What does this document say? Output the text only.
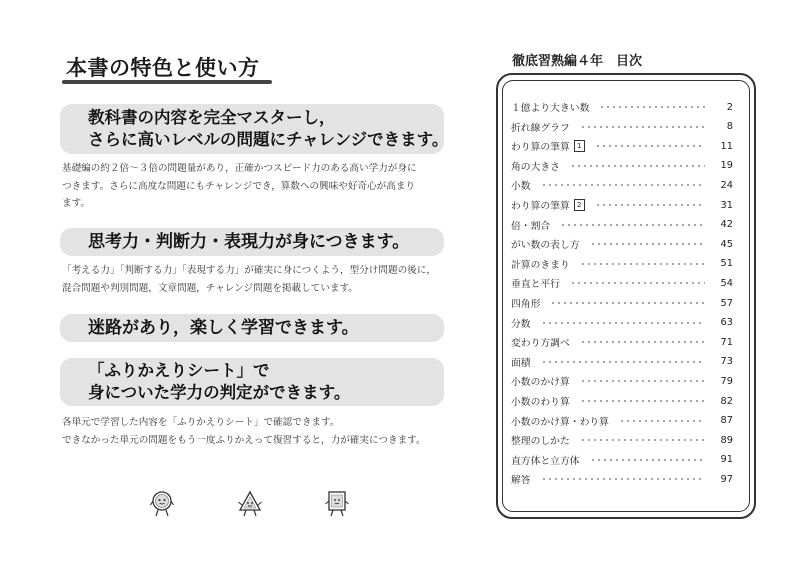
本書の特色と使い方
教科書の内容を完全マスターし，
さらに高いレベルの問題にチャレンジできます。
基礎編の約２倍～３倍の問題量があり，正確かつスピード力のある高い学力が身に
つきます。さらに高度な問題にもチャレンジでき，算数への興味や好奇心が高まり
ます。
思考力・判断力・表現力が身につきます。
「考える力」「判断する力」「表現する力」が確実に身につくよう，型分け問題の後に，
混合問題や判別問題，文章問題，チャレンジ問題を掲載しています。
迷路があり，楽しく学習できます。
「ふりかえりシート」で
身についた学力の判定ができます。
各単元で学習した内容を「ふりかえりシート」で確認できます。
できなかった単元の問題をもう一度ふりかえって復習すると，力が確実につきます。
徹底習熟編４年　目次
１億より大きい数	2
折れ線グラフ	8
わり算の筆算	1	11
角の大きさ	19
小数	24
わり算の筆算	2	31
倍・割合	42
がい数の表し方	45
計算のきまり	51
垂直と平行	54
四角形	57
分数	63
変わり方調べ	71
面積	73
小数のかけ算	79
小数のわり算	82
小数のかけ算・わり算	87
整理のしかた	89
直方体と立方体	91
解答	97
